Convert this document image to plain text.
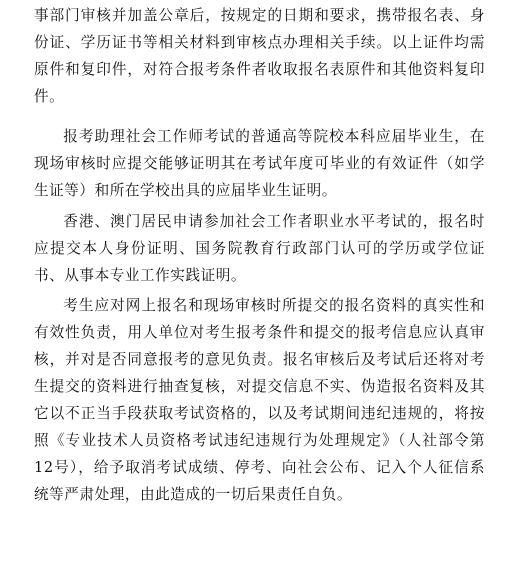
事部门审核并加盖公章后，按规定的日期和要求，携带报名表、身份证、学历证书等相关材料到审核点办理相关手续。以上证件均需原件和复印件，对符合报考条件者收取报名表原件和其他资料复印件。

报考助理社会工作师考试的普通高等院校本科应届毕业生，在现场审核时应提交能够证明其在考试年度可毕业的有效证件（如学生证等）和所在学校出具的应届毕业生证明。

香港、澳门居民申请参加社会工作者职业水平考试的，报名时应提交本人身份证明、国务院教育行政部门认可的学历或学位证书、从事本专业工作实践证明。

考生应对网上报名和现场审核时所提交的报名资料的真实性和有效性负责，用人单位对考生报考条件和提交的报考信息应认真审核，并对是否同意报考的意见负责。报名审核后及考试后还将对考生提交的资料进行抽查复核，对提交信息不实、伪造报名资料及其它以不正当手段获取考试资格的，以及考试期间违纪违规的，将按照《专业技术人员资格考试违纪违规行为处理规定》（人社部令第12号），给予取消考试成绩、停考、向社会公布、记入个人征信系统等严肃处理，由此造成的一切后果责任自负。
